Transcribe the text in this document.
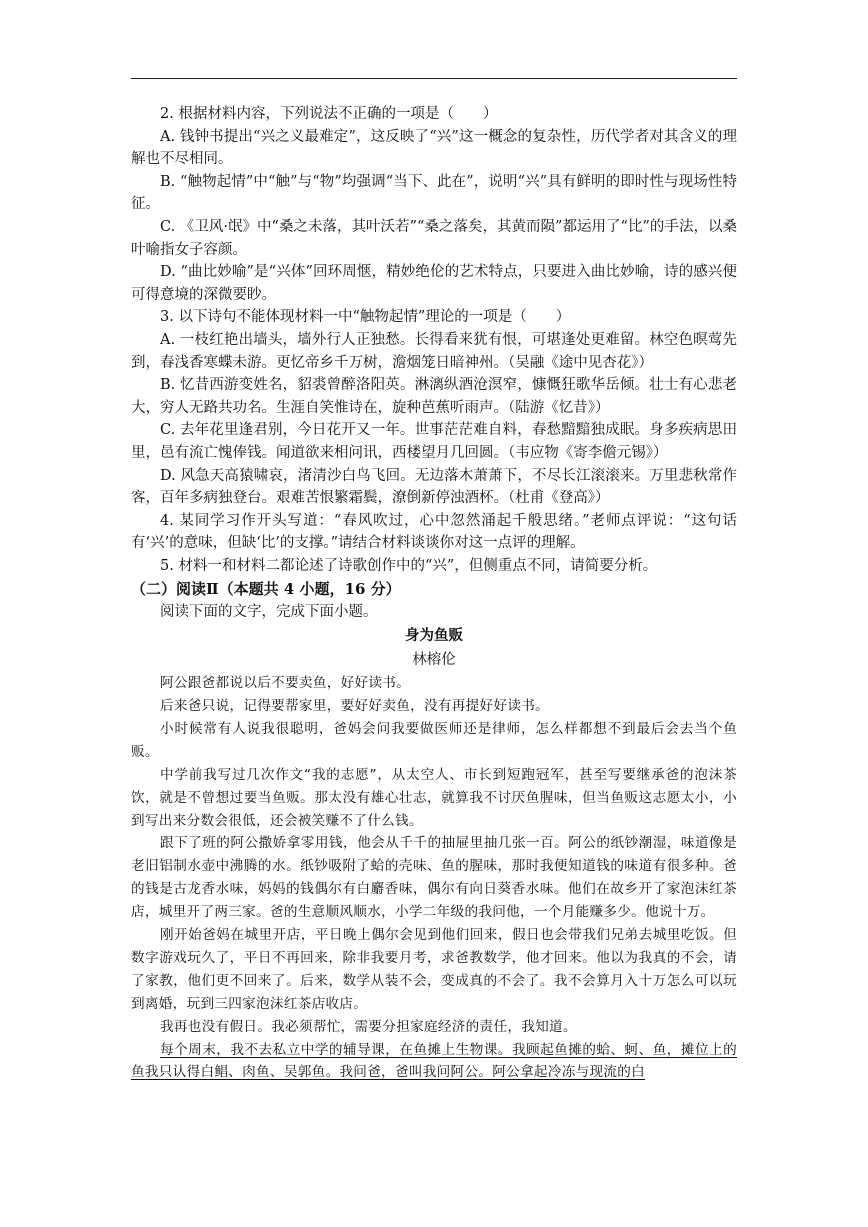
2. 根据材料内容，下列说法不正确的一项是（　　）

A. 钱钟书提出“兴之义最难定”，这反映了“兴”这一概念的复杂性，历代学者对其含义的理解也不尽相同。

B. “触物起情”中“触”与“物”均强调“当下、此在”，说明“兴”具有鲜明的即时性与现场性特征。

C. 《卫风·氓》中“桑之未落，其叶沃若”“桑之落矣，其黄而陨”都运用了“比”的手法，以桑叶喻指女子容颜。

D. “曲比妙喻”是“兴体”回环周惬，精妙绝伦的艺术特点，只要进入曲比妙喻，诗的感兴便可得意境的深微要眇。

3. 以下诗句不能体现材料一中“触物起情”理论的一项是（　　）

A. 一枝红艳出墙头，墙外行人正独愁。长得看来犹有恨，可堪逢处更难留。林空色暝莺先到，春浅香寒蝶未游。更忆帝乡千万树，澹烟笼日暗神州。（吴融《途中见杏花》）

B. 忆昔西游变姓名，貂裘曾醉洛阳英。淋漓纵酒沧溟窄，慷慨狂歌华岳倾。壮士有心悲老大，穷人无路共功名。生涯自笑惟诗在，旋种芭蕉听雨声。（陆游《忆昔》）

C. 去年花里逢君别，今日花开又一年。世事茫茫难自料，春愁黯黯独成眠。身多疾病思田里，邑有流亡愧俸钱。闻道欲来相问讯，西楼望月几回圆。（韦应物《寄李儋元锡》）

D. 风急天高猿啸哀，渚清沙白鸟飞回。无边落木萧萧下，不尽长江滚滚来。万里悲秋常作客，百年多病独登台。艰难苦恨繁霜鬓，潦倒新停浊酒杯。（杜甫《登高》）

4. 某同学习作开头写道：“春风吹过，心中忽然涌起千般思绪。”老师点评说：“这句话有‘兴’的意味，但缺‘比’的支撑。”请结合材料谈谈你对这一点评的理解。

5. 材料一和材料二都论述了诗歌创作中的“兴”，但侧重点不同，请简要分析。

（二）阅读Ⅱ（本题共 4 小题，16 分）

阅读下面的文字，完成下面小题。

身为鱼贩

林榕伦

阿公跟爸都说以后不要卖鱼，好好读书。

后来爸只说，记得要帮家里，要好好卖鱼，没有再提好好读书。

小时候常有人说我很聪明，爸妈会问我要做医师还是律师，怎么样都想不到最后会去当个鱼贩。

中学前我写过几次作文“我的志愿”，从太空人、市长到短跑冠军，甚至写要继承爸的泡沫茶饮，就是不曾想过要当鱼贩。那太没有雄心壮志，就算我不讨厌鱼腥味，但当鱼贩这志愿太小，小到写出来分数会很低，还会被笑赚不了什么钱。

跟下了班的阿公撒娇拿零用钱，他会从千千的抽屉里抽几张一百。阿公的纸钞潮湿，味道像是老旧铝制水壶中沸腾的水。纸钞吸附了蛤的壳味、鱼的腥味，那时我便知道钱的味道有很多种。爸的钱是古龙香水味，妈妈的钱偶尔有白麝香味，偶尔有向日葵香水味。他们在故乡开了家泡沫红茶店，城里开了两三家。爸的生意顺风顺水，小学二年级的我问他，一个月能赚多少。他说十万。

刚开始爸妈在城里开店，平日晚上偶尔会见到他们回来，假日也会带我们兄弟去城里吃饭。但数字游戏玩久了，平日不再回来，除非我要月考，求爸教数学，他才回来。他以为我真的不会，请了家教，他们更不回来了。后来，数学从装不会，变成真的不会了。我不会算月入十万怎么可以玩到离婚，玩到三四家泡沫红茶店收店。

我再也没有假日。我必须帮忙，需要分担家庭经济的责任，我知道。

每个周末，我不去私立中学的辅导课，在鱼摊上生物课。我顾起鱼摊的蛤、蚵、鱼，摊位上的鱼我只认得白鲳、肉鱼、吴郭鱼。我问爸，爸叫我问阿公。阿公拿起冷冻与现流的白
